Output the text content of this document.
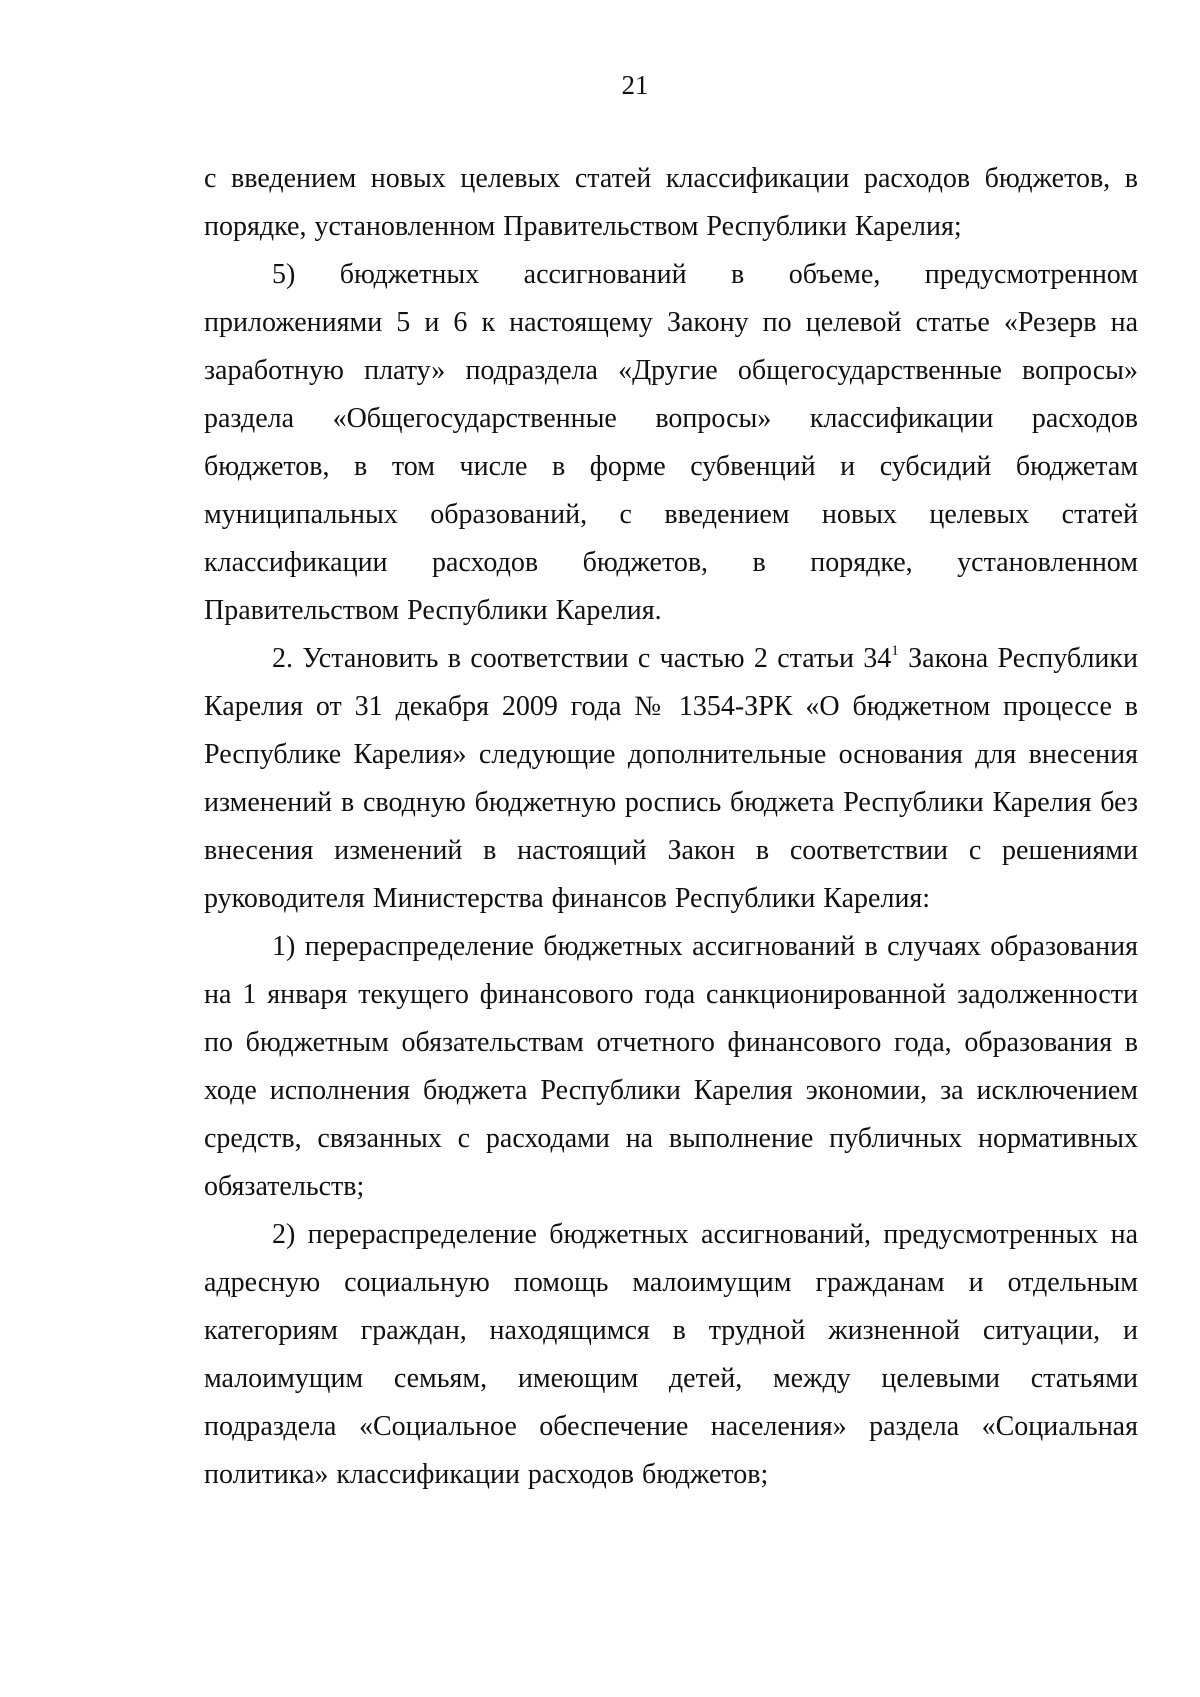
21

с введением новых целевых статей классификации расходов бюджетов, в порядке, установленном Правительством Республики Карелия;

5) бюджетных ассигнований в объеме, предусмотренном приложениями 5 и 6 к настоящему Закону по целевой статье «Резерв на заработную плату» подраздела «Другие общегосударственные вопросы» раздела «Общегосударственные вопросы» классификации расходов бюджетов, в том числе в форме субвенций и субсидий бюджетам муниципальных образований, с введением новых целевых статей классификации расходов бюджетов, в порядке, установленном Правительством Республики Карелия.

2. Установить в соответствии с частью 2 статьи $34^1$ Закона Республики Карелия от 31 декабря 2009 года № 1354-ЗРК «О бюджетном процессе в Республике Карелия» следующие дополнительные основания для внесения изменений в сводную бюджетную роспись бюджета Республики Карелия без внесения изменений в настоящий Закон в соответствии с решениями руководителя Министерства финансов Республики Карелия:

1) перераспределение бюджетных ассигнований в случаях образования на 1 января текущего финансового года санкционированной задолженности по бюджетным обязательствам отчетного финансового года, образования в ходе исполнения бюджета Республики Карелия экономии, за исключением средств, связанных с расходами на выполнение публичных нормативных обязательств;

2) перераспределение бюджетных ассигнований, предусмотренных на адресную социальную помощь малоимущим гражданам и отдельным категориям граждан, находящимся в трудной жизненной ситуации, и малоимущим семьям, имеющим детей, между целевыми статьями подраздела «Социальное обеспечение населения» раздела «Социальная политика» классификации расходов бюджетов;
